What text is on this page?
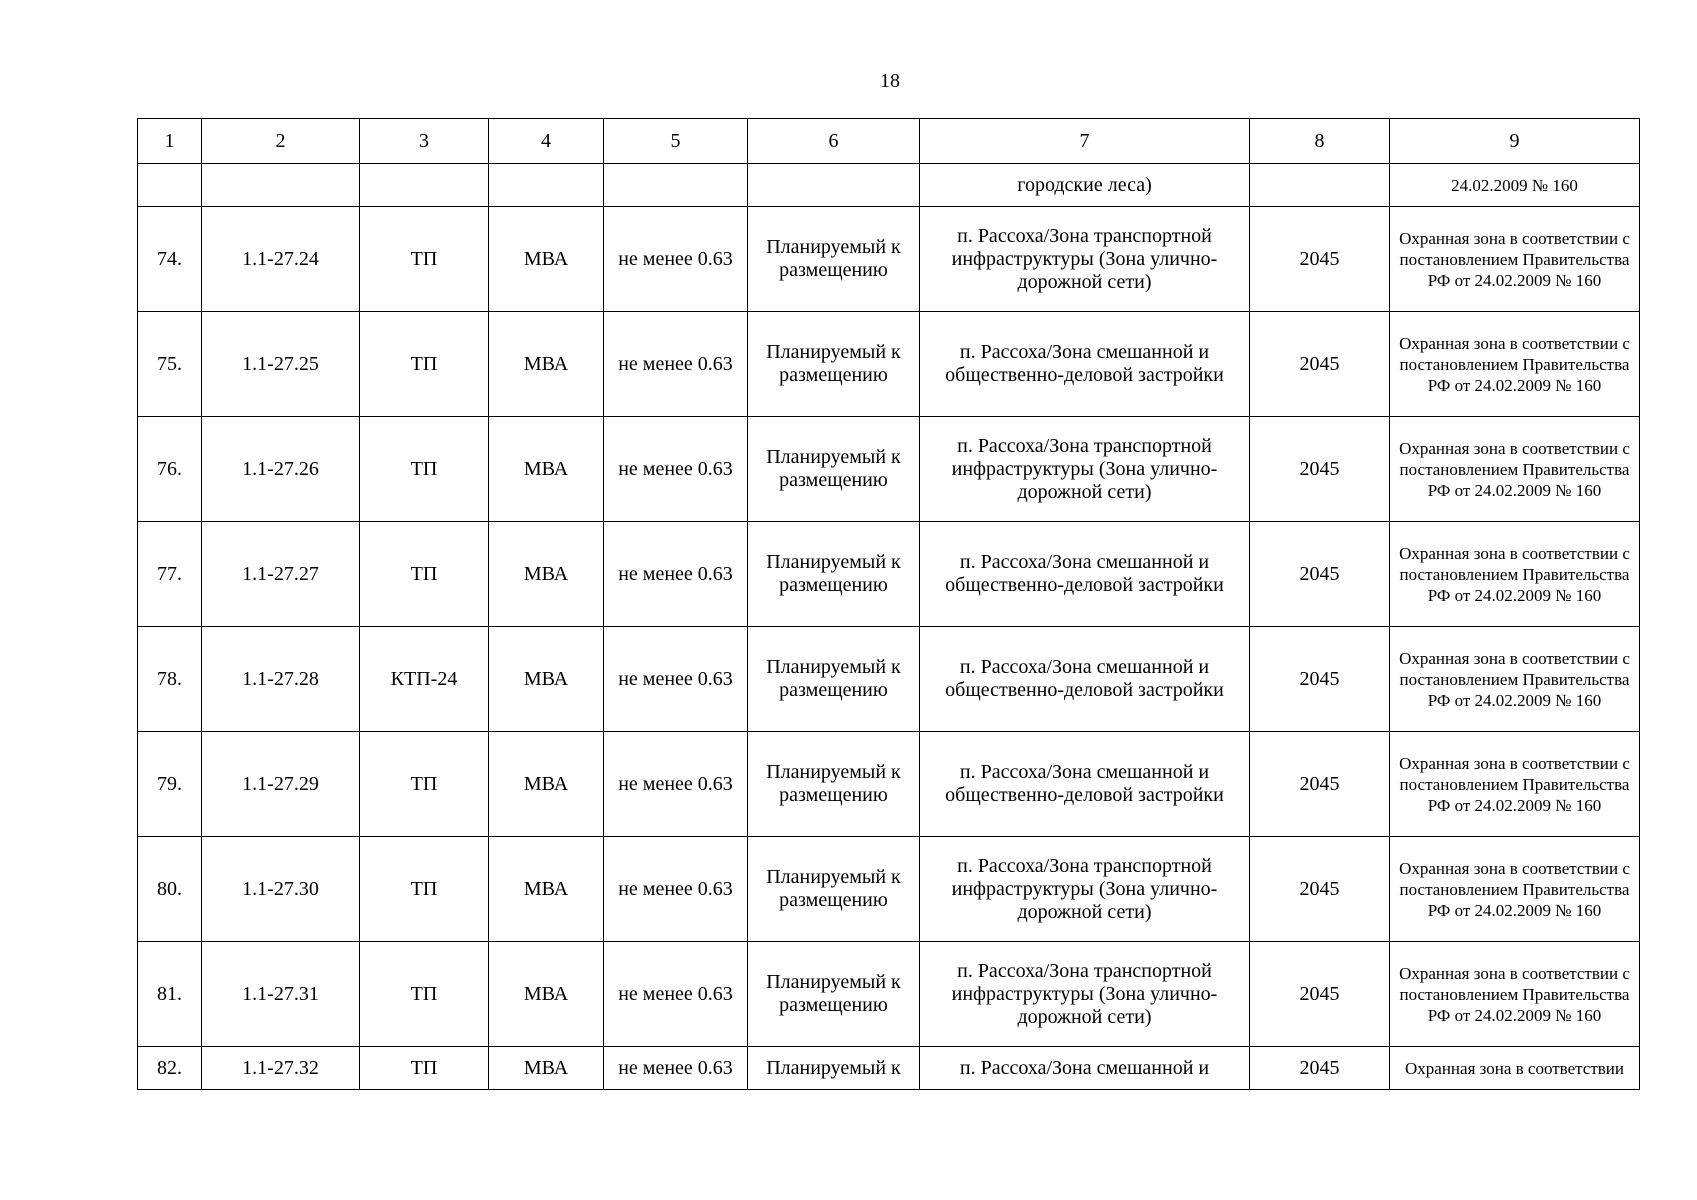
18
1	2	3	4	5	6	7	8	9
						городские леса)		24.02.2009 № 160
74.	1.1-27.24	ТП	МВА	не менее 0.63	Планируемый к размещению	п. Рассоха/Зона транспортной инфраструктуры (Зона улично-дорожной сети)	2045	Охранная зона в соответствии с постановлением Правительства РФ от 24.02.2009 № 160
75.	1.1-27.25	ТП	МВА	не менее 0.63	Планируемый к размещению	п. Рассоха/Зона смешанной и общественно-деловой застройки	2045	Охранная зона в соответствии с постановлением Правительства РФ от 24.02.2009 № 160
76.	1.1-27.26	ТП	МВА	не менее 0.63	Планируемый к размещению	п. Рассоха/Зона транспортной инфраструктуры (Зона улично-дорожной сети)	2045	Охранная зона в соответствии с постановлением Правительства РФ от 24.02.2009 № 160
77.	1.1-27.27	ТП	МВА	не менее 0.63	Планируемый к размещению	п. Рассоха/Зона смешанной и общественно-деловой застройки	2045	Охранная зона в соответствии с постановлением Правительства РФ от 24.02.2009 № 160
78.	1.1-27.28	КТП-24	МВА	не менее 0.63	Планируемый к размещению	п. Рассоха/Зона смешанной и общественно-деловой застройки	2045	Охранная зона в соответствии с постановлением Правительства РФ от 24.02.2009 № 160
79.	1.1-27.29	ТП	МВА	не менее 0.63	Планируемый к размещению	п. Рассоха/Зона смешанной и общественно-деловой застройки	2045	Охранная зона в соответствии с постановлением Правительства РФ от 24.02.2009 № 160
80.	1.1-27.30	ТП	МВА	не менее 0.63	Планируемый к размещению	п. Рассоха/Зона транспортной инфраструктуры (Зона улично-дорожной сети)	2045	Охранная зона в соответствии с постановлением Правительства РФ от 24.02.2009 № 160
81.	1.1-27.31	ТП	МВА	не менее 0.63	Планируемый к размещению	п. Рассоха/Зона транспортной инфраструктуры (Зона улично-дорожной сети)	2045	Охранная зона в соответствии с постановлением Правительства РФ от 24.02.2009 № 160
82.	1.1-27.32	ТП	МВА	не менее 0.63	Планируемый к	п. Рассоха/Зона смешанной и	2045	Охранная зона в соответствии
